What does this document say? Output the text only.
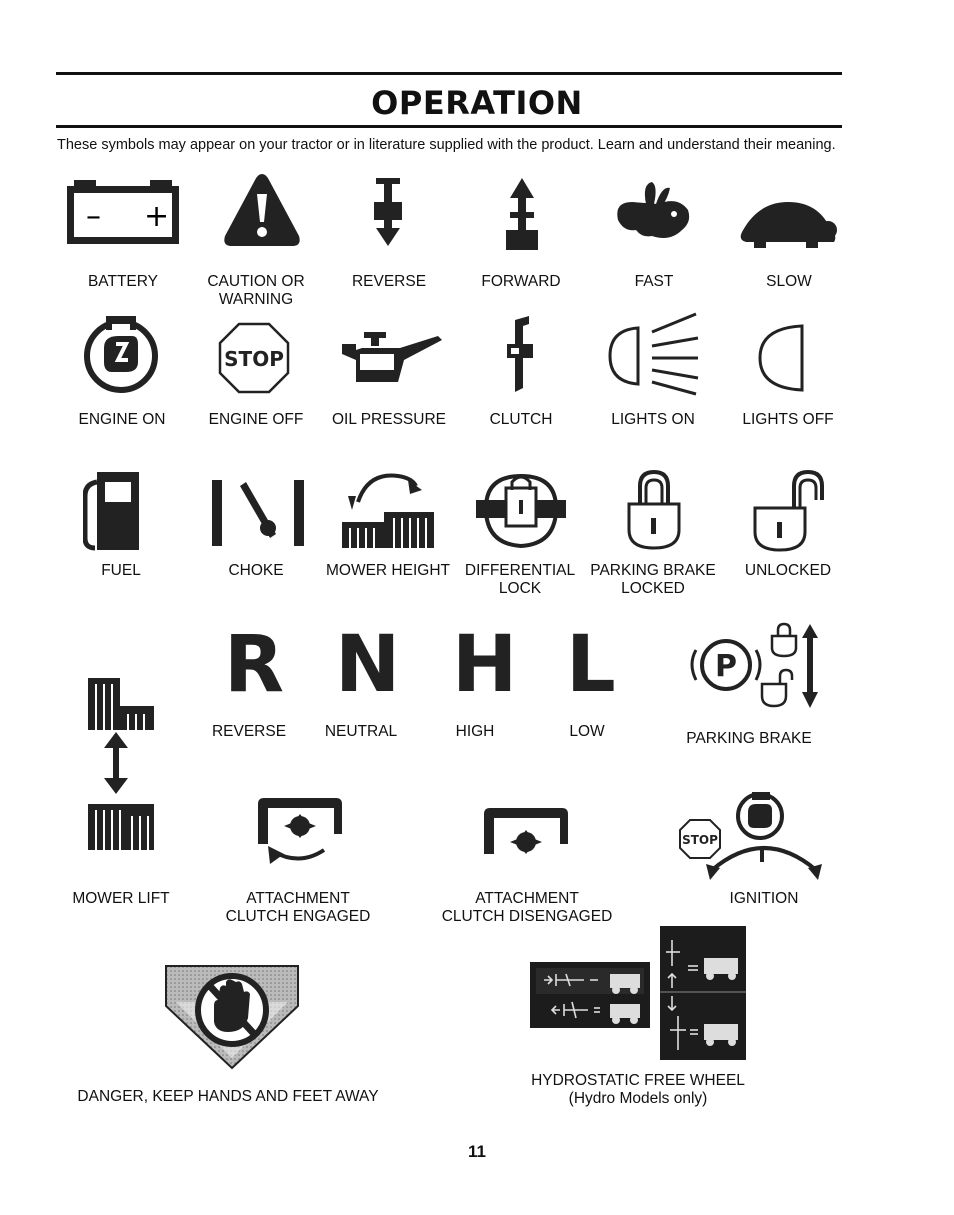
OPERATION
These symbols may appear on your tractor or in literature supplied with the product. Learn and understand their meaning.
– +
BATTERY	CAUTION OR
WARNING
REVERSE	FORWARD	FAST	SLOW
ENGINE ON
STOP
ENGINE OFF	OIL PRESSURE	CLUTCH	LIGHTS ON	LIGHTS OFF
FUEL	CHOKE	MOWER HEIGHT DIFFERENTIAL
LOCK
PARKING BRAKE
LOCKED
UNLOCKED
MOWER LIFT
R
REVERSE
N
NEUTRAL
H
HIGH
L
LOW
P
PARKING BRAKE
ATTACHMENT
CLUTCH ENGAGED
ATTACHMENT
CLUTCH DISENGAGED
STOP
IGNITION
DANGER, KEEP HANDS AND FEET AWAY
HYDROSTATIC FREE WHEEL
(Hydro Models only)
11
